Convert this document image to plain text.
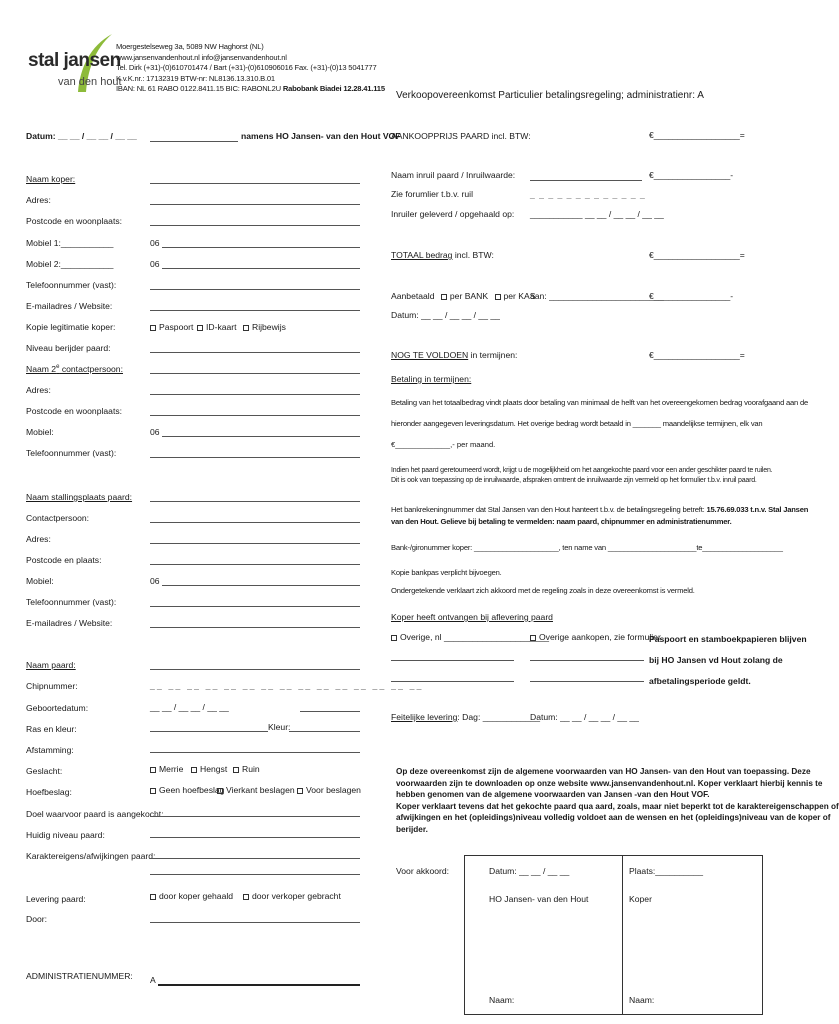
stal jansen
van den hout
Moergestelseweg 3a, 5089 NW Haghorst (NL)
www.jansenvandenhout.nl info@jansenvandenhout.nl
Tel. Dirk (+31)-(0)610701474 / Bart (+31)-(0)610906016 Fax. (+31)-(0)13 5041777
K.v.K.nr.: 17132319 BTW-nr: NL8136.13.310.B.01
IBAN: NL 61 RABO 0122.8411.15 BIC: RABONL2U Rabobank Biadei 12.28.41.115
Verkoopovereenkomst Particulier betalingsregeling; administratienr: A
Datum: __ __ / __ __ / __ __	namens HO Jansen- van den Hout VOF
Naam koper:
Adres:
Postcode en woonplaats:
Mobiel 1:___________	06
Mobiel 2:___________	06
Telefoonnummer (vast):
E-mailadres / Website:
Kopie legitimatie koper:	Paspoort	ID-kaart	Rijbewijs
Niveau berijder paard:
Naam 2e contactpersoon:
Adres:
Postcode en woonplaats:
Mobiel:	06
Telefoonnummer (vast):
Naam stallingsplaats paard:
Contactpersoon:
Adres:
Postcode en plaats:
Mobiel:	06
Telefoonnummer (vast):
E-mailadres / Website:
Naam paard:
Chipnummer:	__ __ __ __ __ __ __ __ __ __ __ __ __ __ __
Geboortedatum:	__ __ / __ __ / __ __
Ras en kleur:	Kleur:
Afstamming:
Geslacht:	Merrie	Hengst	Ruin
Hoefbeslag:	Geen hoefbeslag Vierkant beslagen	Voor beslagen
Doel waarvoor paard is aangekocht:
Huidig niveau paard:
Karaktereigens/afwijkingen paard:
Levering paard:	door koper gehaald	door verkoper gebracht
Door:
ADMINISTRATIENUMMER: A
AANKOOPPRIJS PAARD incl. BTW:	€__________________=
Naam inruil paard / Inruilwaarde:	€________________-
Zie forumlier t.b.v. ruil	_ _ _ _ _ _ _ _ _ _ _ _ _
Inruiler geleverd / opgehaald op: ___________ __ __ / __ __ / __ __
TOTAAL bedrag incl. BTW:	€__________________=
Aanbetaald per BANK per KAS
aan: ________________________
€________________-
Datum: __ __ / __ __ / __ __
NOG TE VOLDOEN in termijnen:	€__________________=
Betaling in termijnen:
Betaling van het totaalbedrag vindt plaats door betaling van minimaal de helft van het overeengekomen bedrag voorafgaand aan de
hieronder aangegeven leveringsdatum. Het overige bedrag wordt betaald in _______ maandelijkse termijnen, elk van
€_____________,- per maand.
Indien het paard geretourneerd wordt, krijgt u de mogelijkheid om het aangekochte paard voor een ander geschikter paard te ruilen.
Dit is ook van toepassing op de inruilwaarde, afspraken omtrent de inruilwaarde zijn vermeld op het formulier t.b.v. inruil paard.
Het bankrekeningnummer dat Stal Jansen van den Hout hanteert t.b.v. de betalingsregeling betreft: 15.76.69.033 t.n.v. Stal Jansen
van den Hout. Gelieve bij betaling te vermelden: naam paard, chipnummer en administratienummer.
Bank-/gironummer koper: _____________________, ten name van ______________________te____________________
Kopie bankpas verplicht bijvoegen.
Ondergetekende verklaart zich akkoord met de regeling zoals in deze overeenkomst is vermeld.
Koper heeft ontvangen bij aflevering paard
Overige, nl ______________________
Overige aankopen, zie formulier
Paspoort en stamboekpapieren blijven
bij HO Jansen vd Hout zolang de
afbetalingsperiode geldt.
Feitelijke levering: Dag: ____________
Datum: __ __ / __ __ / __ __
Op deze overeenkomst zijn de algemene voorwaarden van HO Jansen- van den Hout van toepassing. Deze
voorwaarden zijn te downloaden op onze website www.jansenvandenhout.nl. Koper verklaart hierbij kennis te
hebben genomen van de algemene voorwaarden van Jansen -van den Hout VOF.
Koper verklaart tevens dat het gekochte paard qua aard, zoals, maar niet beperkt tot de karaktereigenschappen of
afwijkingen en het (opleidings)niveau volledig voldoet aan de wensen en het (opleidings)niveau van de koper of
berijder.
Voor akkoord:	Datum: __ __ / __ __	Plaats:__________
HO Jansen- van den Hout	Koper
Naam:	Naam:
